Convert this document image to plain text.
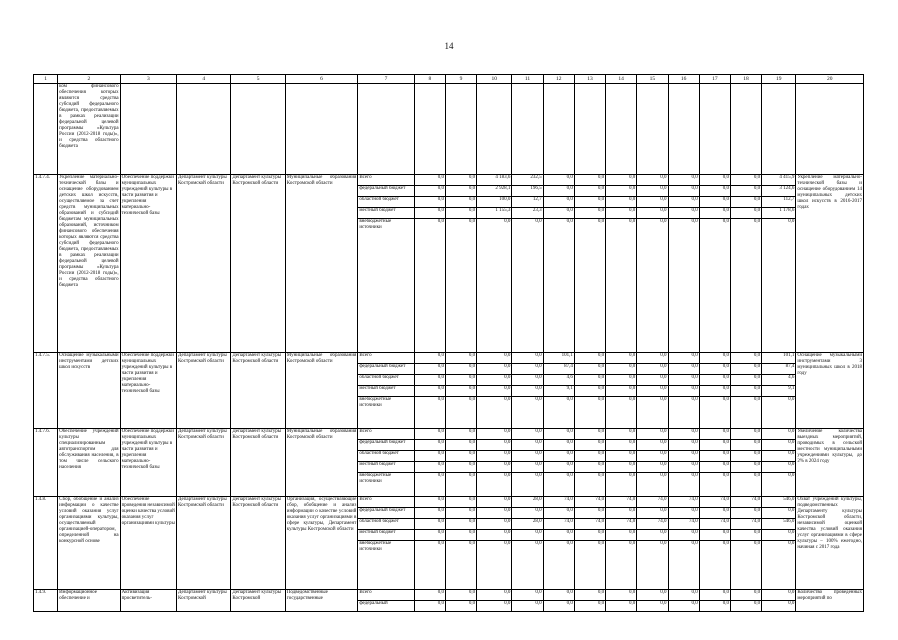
14
1	2	3	4	5	6	7	8	9	10	11	12	13	14	15	16	17	18	19	20
	ком финансового обеспечения которых являются средства субсидий федерального бюджета, предоставляемых в рамках реализации федеральной целевой программы «Культура России (2012-2018 годы)», и средства областного бюджета																		
1.4.7.4.	Укрепление материально-технической базы и оснащение оборудованием детских школ искусств, осуществляемое за счет средств муниципальных образований и субсидий бюджетам муниципальных образований, источником финансового обеспечения которых являются средства субсидий федерального бюджета, предоставляемых в рамках реализации федеральной целевой программы «Культура России (2012-2018 годы)», и средства областного бюджета	Обеспечение поддержки муниципальных учреждений культуры в части развития и укрепления материально-технической базы	Департамент культуры Костромской области	Департамент культуры Костромской области	Муниципальные образования Костромской области	Всего	0,0	0,0	4 183,6	232,5	0,0	0,0	0,0	0,0	0,0	0,0	0,0	4 415,9	Укрепление материально-технической базы и оснащение оборудованием 14 муниципальных детских школ искусств в 2016-2017 годах
						федеральный бюджет	0,0	0,0	2 928,1	196,5	0,0	0,0	0,0	0,0	0,0	0,0	0,0	3 124,6	
						областной бюджет	0,0	0,0	100,0	12,7	0,0	0,0	0,0	0,0	0,0	0,0	0,0	112,7	
						местный бюджет	0,0	0,0	1 155,3	23,3	0,0	0,0	0,0	0,0	0,0	0,0	0,0	1 178,6	
						внебюджетные источники	0,0	0,0	0,0	0,0	0,0	0,0	0,0	0,0	0,0	0,0	0,0	0,0	
1.4.7.5.	Оснащение музыкальными инструментами детских школ искусств	Обеспечение поддержки муниципальных учреждений культуры в части развития и укрепления материально-технической базы	Департамент культуры Костромской области	Департамент культуры Костромской области	Муниципальные образования Костромской области	Всего	0,0	0,0	0,0	0,0	101,1	0,0	0,0	0,0	0,0	0,0	0,0	101,1	Оснащение музыкальными инструментами 3 муниципальных школ в 2018 году
						федеральный бюджет	0,0	0,0	0,0	0,0	87,4	0,0	0,0	0,0	0,0	0,0	0,0	87,4	
						областной бюджет	0,0	0,0	0,0	0,0	4,6	0,0	0,0	0,0	0,0	0,0	0,0	4,6	
						местный бюджет	0,0	0,0	0,0	0,0	9,1	0,0	0,0	0,0	0,0	0,0	0,0	9,1	
						внебюджетные источники	0,0	0,0	0,0	0,0	0,0	0,0	0,0	0,0	0,0	0,0	0,0	0,0	
1.4.7.6.	Обеспечение учреждений культуры специализированным автотранспортом для обслуживания населения, в том числе сельского населения	Обеспечение поддержки муниципальных учреждений культуры в части развития и укрепления материально-технической базы	Департамент культуры Костромской области	Департамент культуры Костромской области	Муниципальные образования Костромской области	Всего	0,0	0,0	0,0	0,0	0,0	0,0	0,0	0,0	0,0	0,0	0,0	0,0	Увеличение количества выездных мероприятий, проводимых в сельской местности муниципальными учреждениями культуры, до 2% в 2024 году
						федеральный бюджет	0,0	0,0	0,0	0,0	0,0	0,0	0,0	0,0	0,0	0,0	0,0	0,0	
						областной бюджет	0,0	0,0	0,0	0,0	0,0	0,0	0,0	0,0	0,0	0,0	0,0	0,0	
						местный бюджет	0,0	0,0	0,0	0,0	0,0	0,0	0,0	0,0	0,0	0,0	0,0	0,0	
						внебюджетные источники	0,0	0,0	0,0	0,0	0,0	0,0	0,0	0,0	0,0	0,0	0,0	0,0	
1.4.8.	Сбор, обобщение и анализ информации о качестве условий оказания услуг организациями культуры, осуществляемый организацией-оператором, определенной на конкурсной основе	Обеспечение проведения независимой оценки качества условий оказания услуг организациями культуры	Департамент культуры Костромской области	Департамент культуры Костромской области	Организация, осуществляющие сбор, обобщение и анализ информации о качестве условий оказания услуг организациями в сфере культуры, Департамент культуры Костромской области	Всего	0,0	0,0	0,0	28,0	74,0	74,0	74,0	74,0	74,0	74,0	74,0	546,0	Охват учреждений культуры, подведомственных Департаменту культуры Костромской области, независимой оценкой качества условий оказания услуг организациями в сфере культуры – 100% ежегодно, начиная с 2017 года
						федеральный бюджет	0,0	0,0	0,0	0,0	0,0	0,0	0,0	0,0	0,0	0,0	0,0	0,0	
						областной бюджет	0,0	0,0	0,0	28,0	74,0	74,0	74,0	74,0	74,0	74,0	74,0	546,0	
						местный бюджет	0,0	0,0	0,0	0,0	0,0	0,0	0,0	0,0	0,0	0,0	0,0	0,0	
						внебюджетные источники	0,0	0,0	0,0	0,0	0,0	0,0	0,0	0,0	0,0	0,0	0,0	0,0	
1.4.9.	Информационное обеспечение и	Активизация просветитель-	Департамент культуры Костромской	Департамент культуры Костромской	Подведомственные государственные	Всего	0,0	0,0	0,0	0,0	0,0	0,0	0,0	0,0	0,0	0,0	0,0	0,0	Количество проведенных мероприятий по
						федеральный	0,0	0,0	0,0	0,0	0,0	0,0	0,0	0,0	0,0	0,0	0,0	0,0	
